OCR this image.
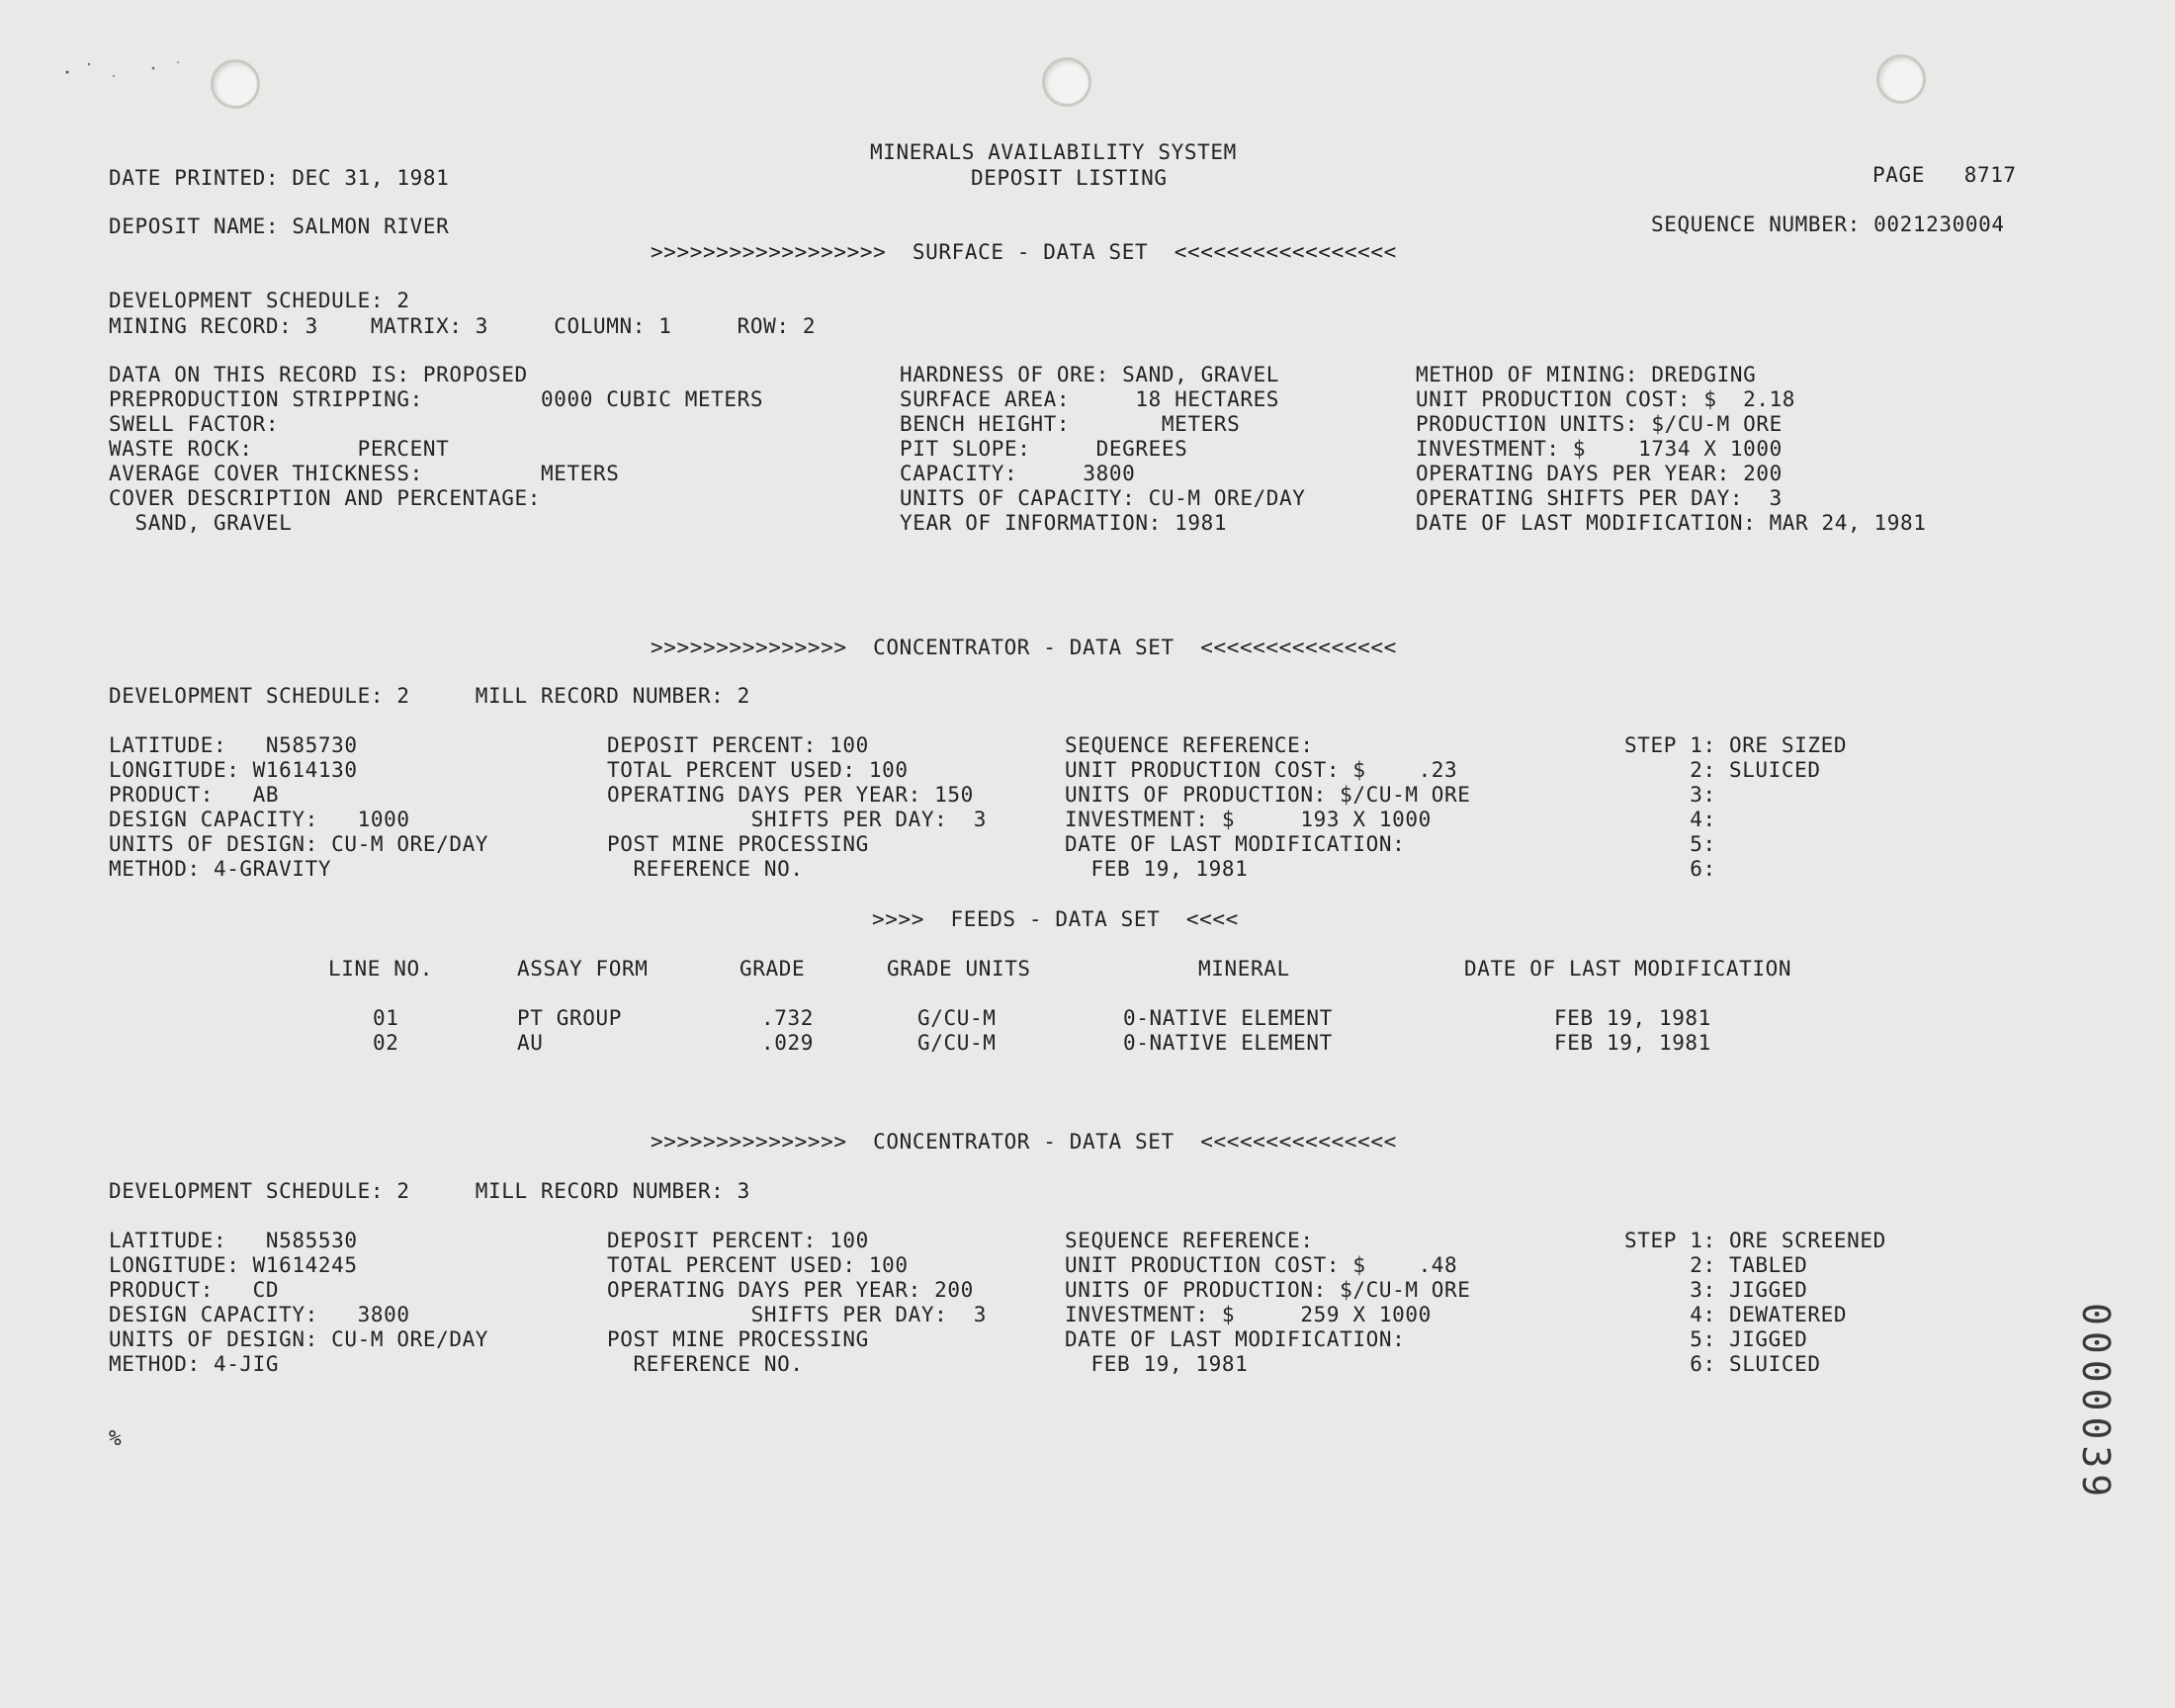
MINERALS AVAILABILITY SYSTEM
DEPOSIT LISTING
DATE PRINTED: DEC 31, 1981	PAGE   8717
DEPOSIT NAME: SALMON RIVER	SEQUENCE NUMBER: 0021230004
>>>>>>>>>>>>>>>>>>  SURFACE - DATA SET  <<<<<<<<<<<<<<<<<
DEVELOPMENT SCHEDULE: 2
MINING RECORD: 3    MATRIX: 3     COLUMN: 1     ROW: 2
DATA ON THIS RECORD IS: PROPOSED
PREPRODUCTION STRIPPING:         0000 CUBIC METERS
SWELL FACTOR:
WASTE ROCK:        PERCENT
AVERAGE COVER THICKNESS:         METERS
COVER DESCRIPTION AND PERCENTAGE:
SAND, GRAVEL
HARDNESS OF ORE: SAND, GRAVEL
SURFACE AREA:     18 HECTARES
BENCH HEIGHT:       METERS
PIT SLOPE:     DEGREES
CAPACITY:     3800
UNITS OF CAPACITY: CU-M ORE/DAY
YEAR OF INFORMATION: 1981
METHOD OF MINING: DREDGING
UNIT PRODUCTION COST: $  2.18
PRODUCTION UNITS: $/CU-M ORE
INVESTMENT: $    1734 X 1000
OPERATING DAYS PER YEAR: 200
OPERATING SHIFTS PER DAY:  3
DATE OF LAST MODIFICATION: MAR 24, 1981
>>>>>>>>>>>>>>>  CONCENTRATOR - DATA SET  <<<<<<<<<<<<<<<
DEVELOPMENT SCHEDULE: 2     MILL RECORD NUMBER: 2
LATITUDE:   N585730
LONGITUDE: W1614130
PRODUCT:   AB
DESIGN CAPACITY:   1000
UNITS OF DESIGN: CU-M ORE/DAY
METHOD: 4-GRAVITY
DEPOSIT PERCENT: 100
TOTAL PERCENT USED: 100
OPERATING DAYS PER YEAR: 150
SHIFTS PER DAY:  3
POST MINE PROCESSING
REFERENCE NO.
SEQUENCE REFERENCE:
UNIT PRODUCTION COST: $    .23
UNITS OF PRODUCTION: $/CU-M ORE
INVESTMENT: $     193 X 1000
DATE OF LAST MODIFICATION:
FEB 19, 1981
STEP 1: ORE SIZED
2: SLUICED
3:
4:
5:
6:
>>>>  FEEDS - DATA SET  <<<<
LINE NO.	ASSAY FORM	GRADE	GRADE UNITS	MINERAL	DATE OF LAST MODIFICATION
01	PT GROUP	.732	G/CU-M	0-NATIVE ELEMENT	FEB 19, 1981
02	AU	.029	G/CU-M	0-NATIVE ELEMENT	FEB 19, 1981
>>>>>>>>>>>>>>>  CONCENTRATOR - DATA SET  <<<<<<<<<<<<<<<
DEVELOPMENT SCHEDULE: 2     MILL RECORD NUMBER: 3
LATITUDE:   N585530
LONGITUDE: W1614245
PRODUCT:   CD
DESIGN CAPACITY:   3800
UNITS OF DESIGN: CU-M ORE/DAY
METHOD: 4-JIG
DEPOSIT PERCENT: 100
TOTAL PERCENT USED: 100
OPERATING DAYS PER YEAR: 200
SHIFTS PER DAY:  3
POST MINE PROCESSING
REFERENCE NO.
SEQUENCE REFERENCE:
UNIT PRODUCTION COST: $    .48
UNITS OF PRODUCTION: $/CU-M ORE
INVESTMENT: $     259 X 1000
DATE OF LAST MODIFICATION:
FEB 19, 1981
STEP 1: ORE SCREENED
2: TABLED
3: JIGGED
4: DEWATERED
5: JIGGED
6: SLUICED
%	0000039
